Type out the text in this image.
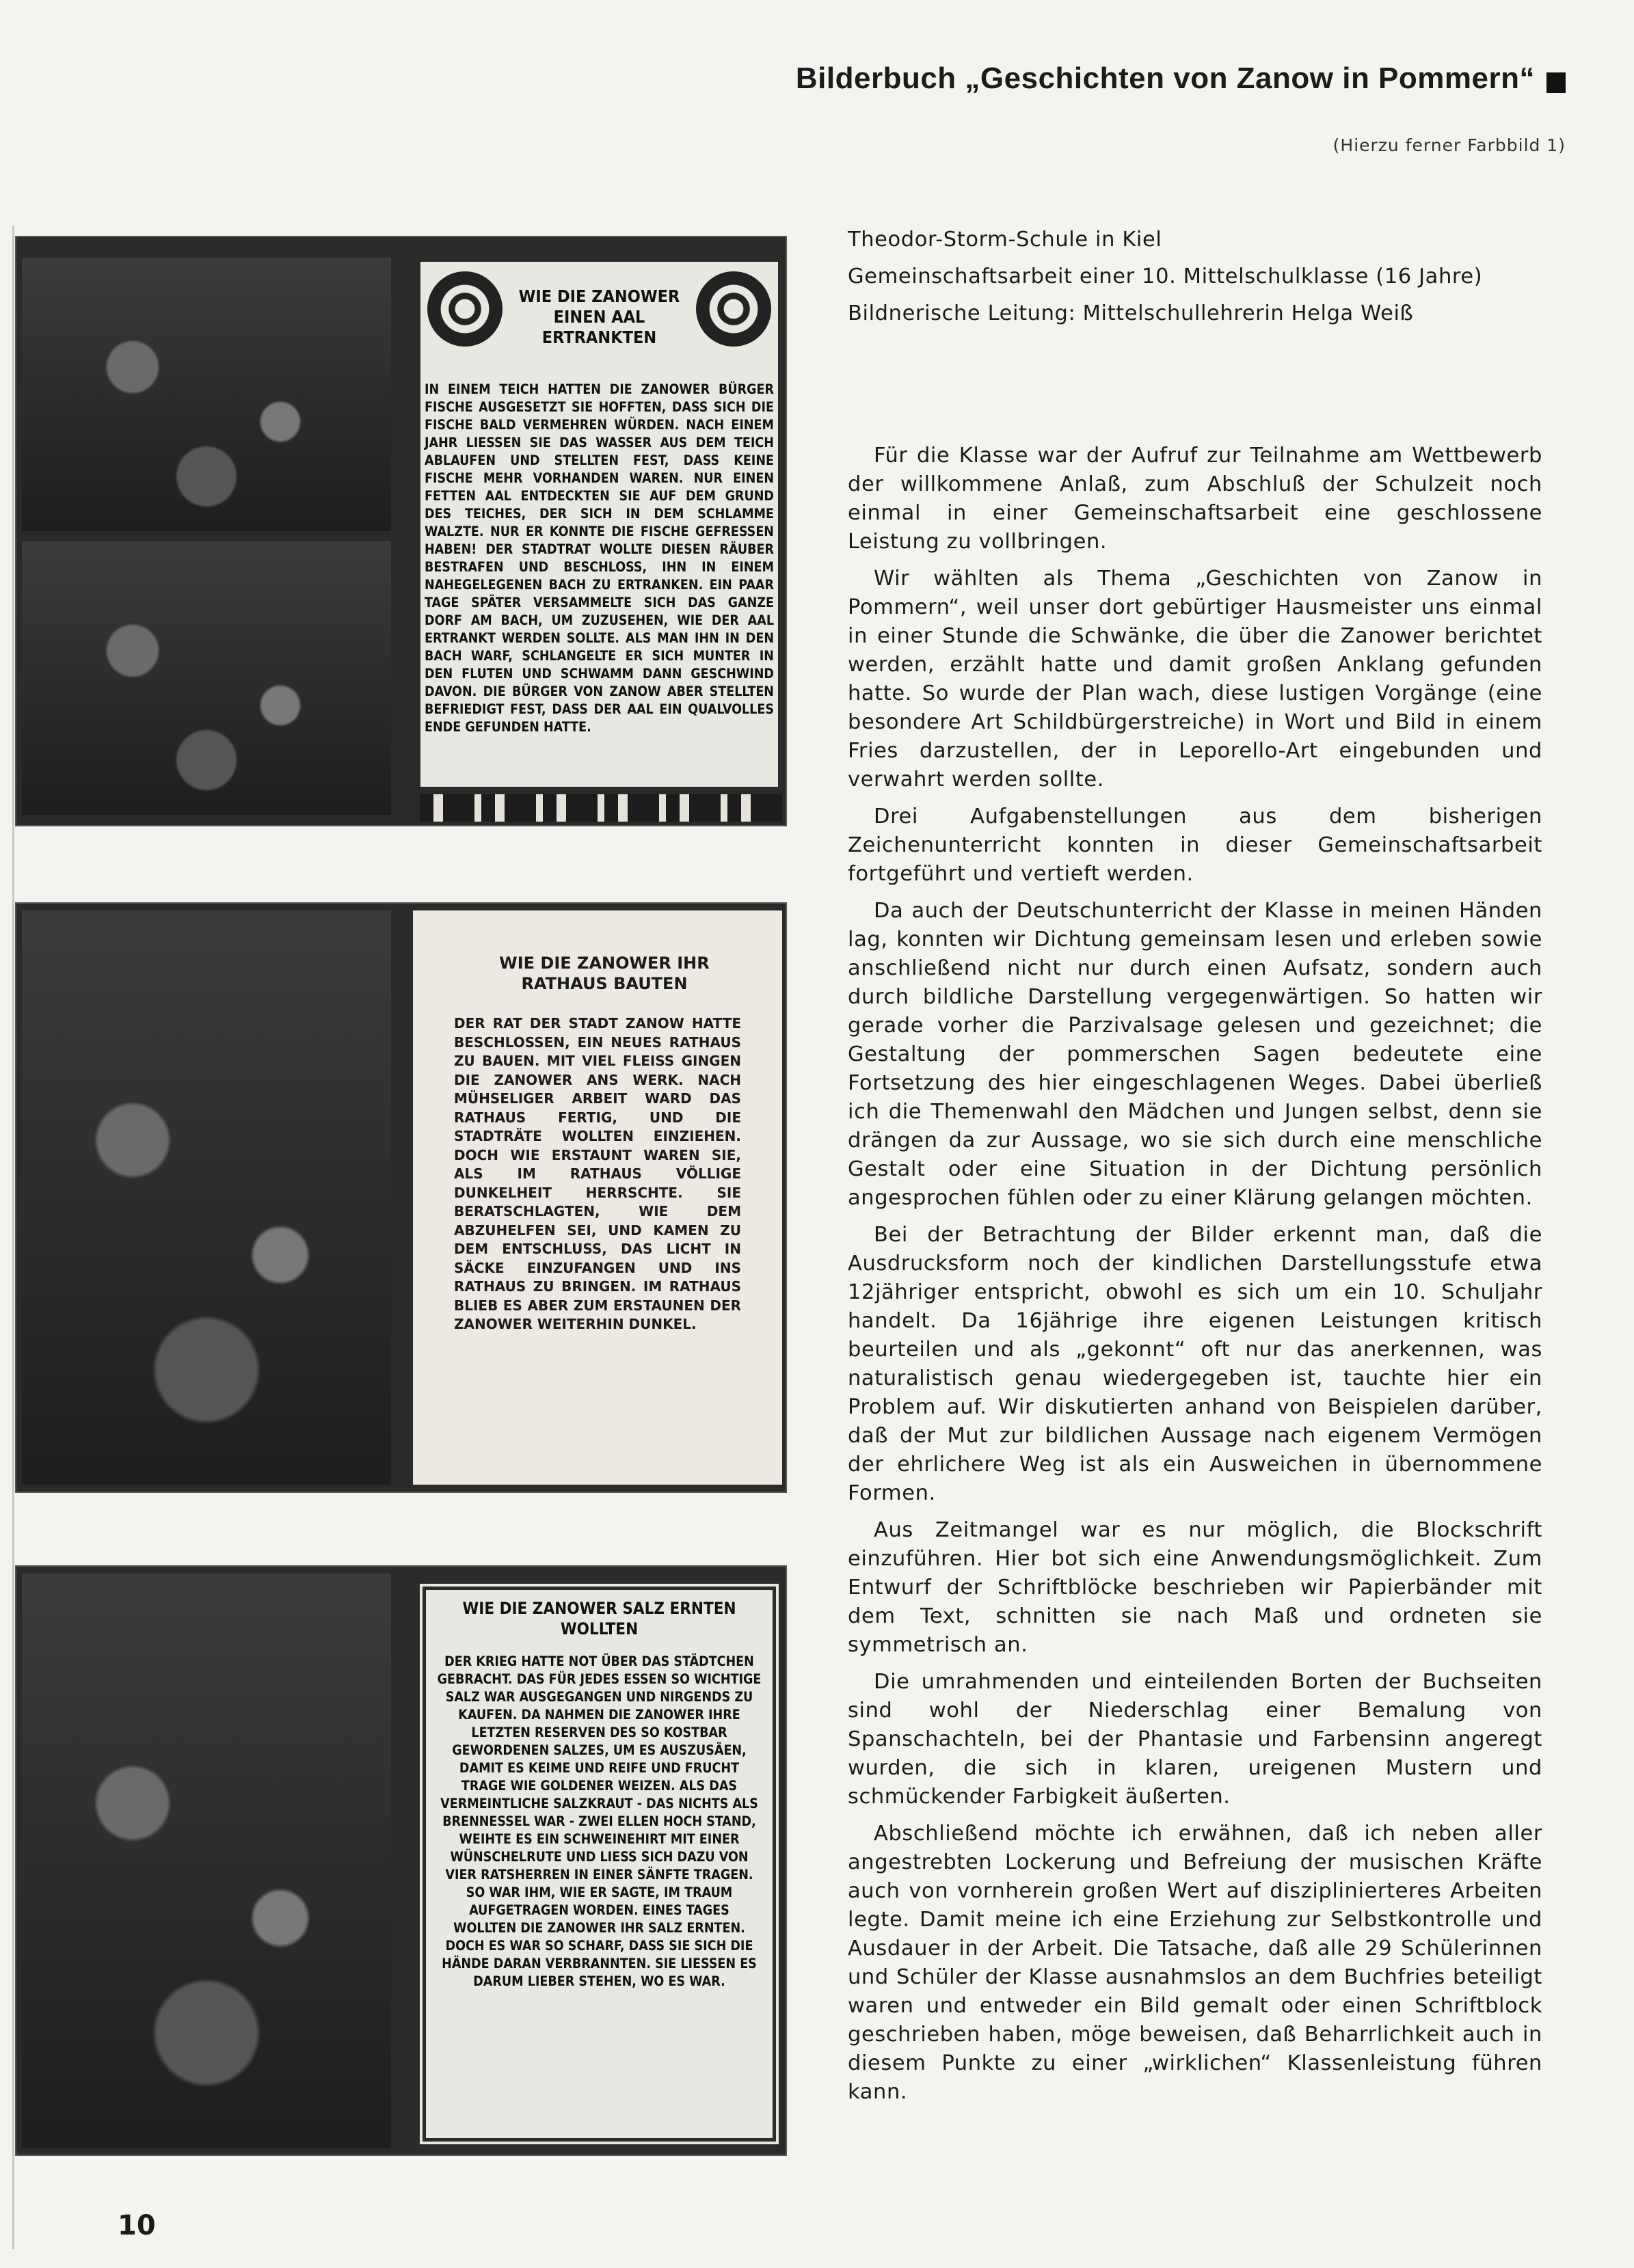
Bilderbuch „Geschichten von Zanow in Pommern“
(Hierzu ferner Farbbild 1)
WIE DIE ZANOWER EINEN AAL ERTRANKTEN
IN EINEM TEICH HATTEN DIE ZANOWER BÜRGER FISCHE AUSGESETZT SIE HOFFTEN, DASS SICH DIE FISCHE BALD VERMEHREN WÜRDEN. NACH EINEM JAHR LIESSEN SIE DAS WASSER AUS DEM TEICH ABLAUFEN UND STELLTEN FEST, DASS KEINE FISCHE MEHR VORHANDEN WAREN. NUR EINEN FETTEN AAL ENTDECKTEN SIE AUF DEM GRUND DES TEICHES, DER SICH IN DEM SCHLAMME WALZTE. NUR ER KONNTE DIE FISCHE GEFRESSEN HABEN! DER STADTRAT WOLLTE DIESEN RÄUBER BESTRAFEN UND BESCHLOSS, IHN IN EINEM NAHEGELEGENEN BACH ZU ERTRANKEN. EIN PAAR TAGE SPÄTER VERSAMMELTE SICH DAS GANZE DORF AM BACH, UM ZUZUSEHEN, WIE DER AAL ERTRANKT WERDEN SOLLTE. ALS MAN IHN IN DEN BACH WARF, SCHLANGELTE ER SICH MUNTER IN DEN FLUTEN UND SCHWAMM DANN GESCHWIND DAVON. DIE BÜRGER VON ZANOW ABER STELLTEN BEFRIEDIGT FEST, DASS DER AAL EIN QUALVOLLES ENDE GEFUNDEN HATTE.
WIE DIE ZANOWER IHR RATHAUS BAUTEN
DER RAT DER STADT ZANOW HATTE BESCHLOSSEN, EIN NEUES RATHAUS ZU BAUEN. MIT VIEL FLEISS GINGEN DIE ZANOWER ANS WERK. NACH MÜHSELIGER ARBEIT WARD DAS RATHAUS FERTIG, UND DIE STADTRÄTE WOLLTEN EINZIEHEN. DOCH WIE ERSTAUNT WAREN SIE, ALS IM RATHAUS VÖLLIGE DUNKELHEIT HERRSCHTE. SIE BERATSCHLAGTEN, WIE DEM ABZUHELFEN SEI, UND KAMEN ZU DEM ENTSCHLUSS, DAS LICHT IN SÄCKE EINZUFANGEN UND INS RATHAUS ZU BRINGEN. IM RATHAUS BLIEB ES ABER ZUM ERSTAUNEN DER ZANOWER WEITERHIN DUNKEL.
WIE DIE ZANOWER SALZ ERNTEN WOLLTEN
DER KRIEG HATTE NOT ÜBER DAS STÄDTCHEN GEBRACHT. DAS FÜR JEDES ESSEN SO WICHTIGE SALZ WAR AUSGEGANGEN UND NIRGENDS ZU KAUFEN. DA NAHMEN DIE ZANOWER IHRE LETZTEN RESERVEN DES SO KOSTBAR GEWORDENEN SALZES, UM ES AUSZUSÄEN, DAMIT ES KEIME UND REIFE UND FRUCHT TRAGE WIE GOLDENER WEIZEN. ALS DAS VERMEINTLICHE SALZKRAUT - DAS NICHTS ALS BRENNESSEL WAR - ZWEI ELLEN HOCH STAND, WEIHTE ES EIN SCHWEINEHIRT MIT EINER WÜNSCHELRUTE UND LIESS SICH DAZU VON VIER RATSHERREN IN EINER SÄNFTE TRAGEN. SO WAR IHM, WIE ER SAGTE, IM TRAUM AUFGETRAGEN WORDEN. EINES TAGES WOLLTEN DIE ZANOWER IHR SALZ ERNTEN. DOCH ES WAR SO SCHARF, DASS SIE SICH DIE HÄNDE DARAN VERBRANNTEN. SIE LIESSEN ES DARUM LIEBER STEHEN, WO ES WAR.

Theodor-Storm-Schule in Kiel

Gemeinschaftsarbeit einer 10. Mittelschulklasse (16 Jahre)

Bildnerische Leitung: Mittelschullehrerin Helga Weiß

Für die Klasse war der Aufruf zur Teilnahme am Wettbewerb der willkommene Anlaß, zum Abschluß der Schulzeit noch einmal in einer Gemeinschaftsarbeit eine geschlossene Leistung zu vollbringen.

Wir wählten als Thema „Geschichten von Zanow in Pommern“, weil unser dort gebürtiger Hausmeister uns einmal in einer Stunde die Schwänke, die über die Zanower berichtet werden, erzählt hatte und damit großen Anklang gefunden hatte. So wurde der Plan wach, diese lustigen Vorgänge (eine besondere Art Schildbürgerstreiche) in Wort und Bild in einem Fries darzustellen, der in Leporello-Art eingebunden und verwahrt werden sollte.

Drei Aufgabenstellungen aus dem bisherigen Zeichenunterricht konnten in dieser Gemeinschaftsarbeit fortgeführt und vertieft werden.

Da auch der Deutschunterricht der Klasse in meinen Händen lag, konnten wir Dichtung gemeinsam lesen und erleben sowie anschließend nicht nur durch einen Aufsatz, sondern auch durch bildliche Darstellung vergegenwärtigen. So hatten wir gerade vorher die Parzivalsage gelesen und gezeichnet; die Gestaltung der pommerschen Sagen bedeutete eine Fortsetzung des hier eingeschlagenen Weges. Dabei überließ ich die Themenwahl den Mädchen und Jungen selbst, denn sie drängen da zur Aussage, wo sie sich durch eine menschliche Gestalt oder eine Situation in der Dichtung persönlich angesprochen fühlen oder zu einer Klärung gelangen möchten.

Bei der Betrachtung der Bilder erkennt man, daß die Ausdrucksform noch der kindlichen Darstellungsstufe etwa 12jähriger entspricht, obwohl es sich um ein 10. Schuljahr handelt. Da 16jährige ihre eigenen Leistungen kritisch beurteilen und als „gekonnt“ oft nur das anerkennen, was naturalistisch genau wiedergegeben ist, tauchte hier ein Problem auf. Wir diskutierten anhand von Beispielen darüber, daß der Mut zur bildlichen Aussage nach eigenem Vermögen der ehrlichere Weg ist als ein Ausweichen in übernommene Formen.

Aus Zeitmangel war es nur möglich, die Blockschrift einzuführen. Hier bot sich eine Anwendungsmöglichkeit. Zum Entwurf der Schriftblöcke beschrieben wir Papierbänder mit dem Text, schnitten sie nach Maß und ordneten sie symmetrisch an.

Die umrahmenden und einteilenden Borten der Buchseiten sind wohl der Niederschlag einer Bemalung von Spanschachteln, bei der Phantasie und Farbensinn angeregt wurden, die sich in klaren, ureigenen Mustern und schmückender Farbigkeit äußerten.

Abschließend möchte ich erwähnen, daß ich neben aller angestrebten Lockerung und Befreiung der musischen Kräfte auch von vornherein großen Wert auf disziplinierteres Arbeiten legte. Damit meine ich eine Erziehung zur Selbstkontrolle und Ausdauer in der Arbeit. Die Tatsache, daß alle 29 Schülerinnen und Schüler der Klasse ausnahmslos an dem Buchfries beteiligt waren und entweder ein Bild gemalt oder einen Schriftblock geschrieben haben, möge beweisen, daß Beharrlichkeit auch in diesem Punkte zu einer „wirklichen“ Klassenleistung führen kann.

10
